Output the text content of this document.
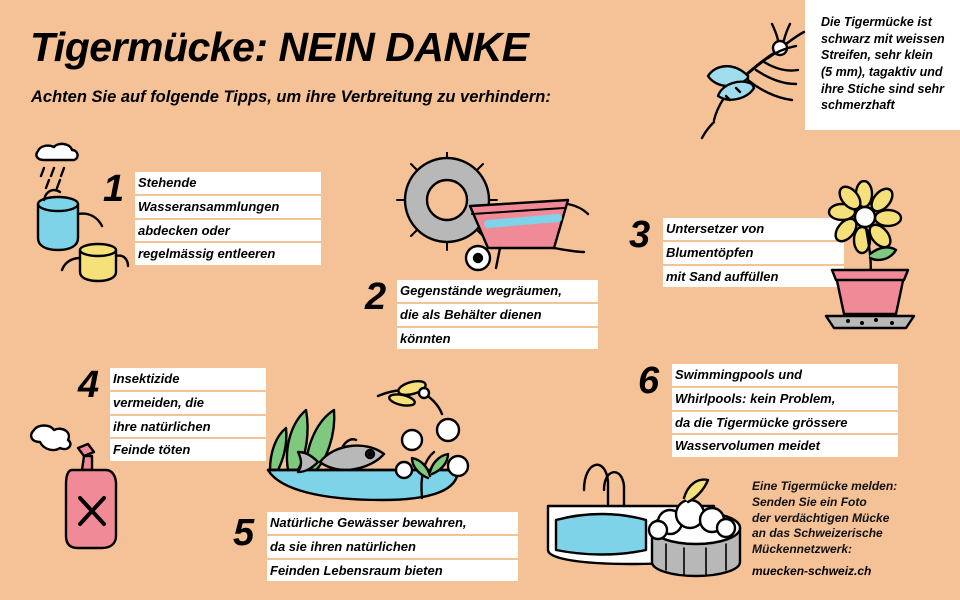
Tigermücke: NEIN DANKE
Achten Sie auf folgende Tipps, um ihre Verbreitung zu verhindern:

Die Tigermücke ist schwarz mit weissen Streifen, sehr klein (5 mm), tagaktiv und ihre Stiche sind sehr schmerzhaft

1 Stehende
Wasseransammlungen
abdecken oder
regelmässig entleeren
2 Gegenstände wegräumen,
die als Behälter dienen
könnten
3 Untersetzer von
Blumentöpfen
mit Sand auffüllen
4 Insektizide
vermeiden, die
ihre natürlichen
Feinde töten
5 Natürliche Gewässer bewahren,
da sie ihren natürlichen
Feinden Lebensraum bieten
6 Swimmingpools und
Whirlpools: kein Problem,
da die Tigermücke grössere
Wasservolumen meidet
Eine Tigermücke melden:
Senden Sie ein Foto
der verdächtigen Mücke
an das Schweizerische
Mückennetzwerk:
muecken-schweiz.ch
